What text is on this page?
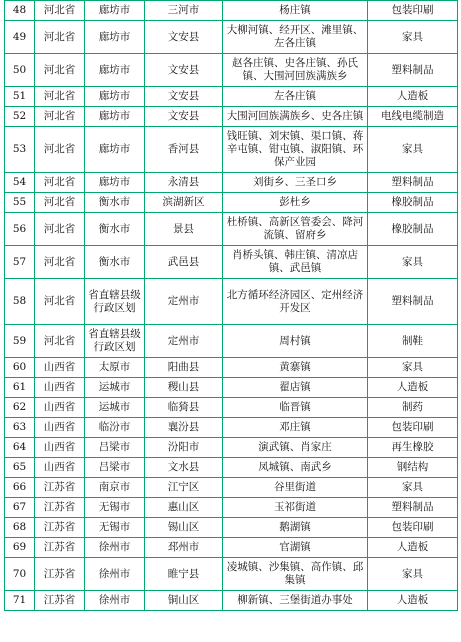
48	河北省	廊坊市	三河市	杨庄镇	包装印刷
49	河北省	廊坊市	文安县	大柳河镇、经开区、滩里镇、左各庄镇	家具
50	河北省	廊坊市	文安县	赵各庄镇、史各庄镇、孙氏镇、大围河回族满族乡	塑料制品
51	河北省	廊坊市	文安县	左各庄镇	人造板
52	河北省	廊坊市	文安县	大围河回族满族乡、史各庄镇	电线电缆制造
53	河北省	廊坊市	香河县	钱旺镇、刘宋镇、渠口镇、蒋辛屯镇、钳屯镇、淑阳镇、环保产业园	家具
54	河北省	廊坊市	永清县	刘街乡、三圣口乡	塑料制品
55	河北省	衡水市	滨湖新区	彭杜乡	橡胶制品
56	河北省	衡水市	景县	杜桥镇、高新区管委会、降河流镇、留府乡	橡胶制品
57	河北省	衡水市	武邑县	肖桥头镇、韩庄镇、清凉店镇、武邑镇	家具
58	河北省	省直辖县级行政区划	定州市	北方循环经济园区、定州经济开发区	塑料制品
59	河北省	省直辖县级行政区划	定州市	周村镇	制鞋
60	山西省	太原市	阳曲县	黄寨镇	家具
61	山西省	运城市	稷山县	翟店镇	人造板
62	山西省	运城市	临猗县	临晋镇	制药
63	山西省	临汾市	襄汾县	邓庄镇	包装印刷
64	山西省	吕梁市	汾阳市	演武镇、肖家庄	再生橡胶
65	山西省	吕梁市	文水县	凤城镇、南武乡	钢结构
66	江苏省	南京市	江宁区	谷里街道	家具
67	江苏省	无锡市	惠山区	玉祁街道	塑料制品
68	江苏省	无锡市	锡山区	鹅湖镇	包装印刷
69	江苏省	徐州市	邳州市	官湖镇	人造板
70	江苏省	徐州市	睢宁县	凌城镇、沙集镇、高作镇、邱集镇	家具
71	江苏省	徐州市	铜山区	柳新镇、三堡街道办事处	人造板
